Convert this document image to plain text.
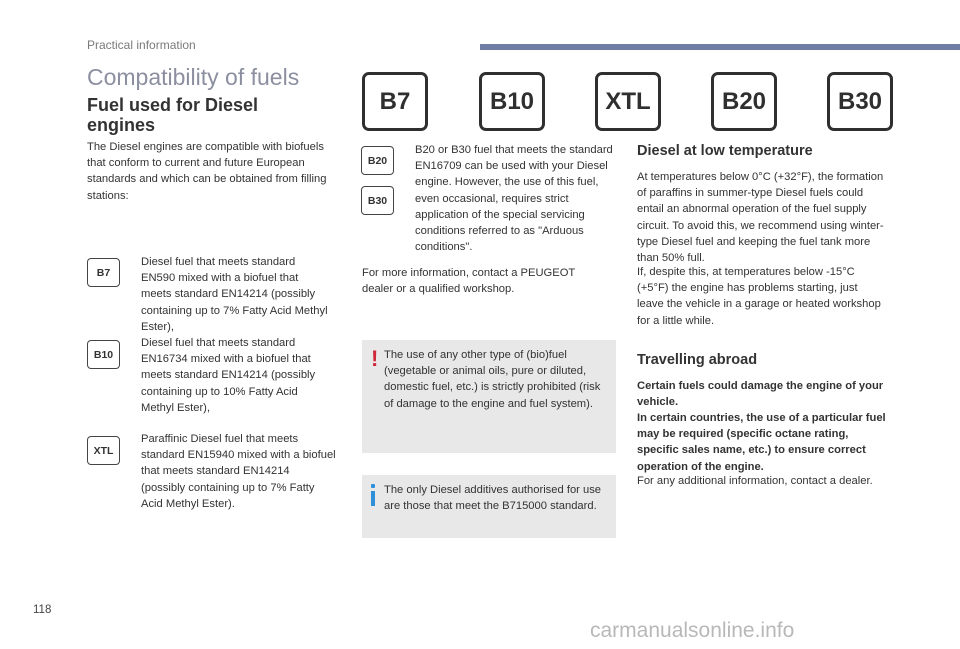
Practical information
Compatibility of fuels
B7	B10	XTL	B20	B30
Fuel used for Diesel engines
The Diesel engines are compatible with biofuels that conform to current and future European standards and which can be obtained from filling stations:
B7
Diesel fuel that meets standard EN590 mixed with a biofuel that meets standard EN14214 (possibly containing up to 7% Fatty Acid Methyl Ester),
B10
Diesel fuel that meets standard EN16734 mixed with a biofuel that meets standard EN14214 (possibly containing up to 10% Fatty Acid Methyl Ester),
XTL
Paraffinic Diesel fuel that meets standard EN15940 mixed with a biofuel that meets standard EN14214 (possibly containing up to 7% Fatty Acid Methyl Ester).
B20
B30
B20 or B30 fuel that meets the standard EN16709 can be used with your Diesel engine. However, the use of this fuel, even occasional, requires strict application of the special servicing conditions referred to as "Arduous conditions".
For more information, contact a PEUGEOT dealer or a qualified workshop.
! The use of any other type of (bio)fuel (vegetable or animal oils, pure or diluted, domestic fuel, etc.) is strictly prohibited (risk of damage to the engine and fuel system).
The only Diesel additives authorised for use are those that meet the B715000 standard.
Diesel at low temperature
At temperatures below 0°C (+32°F), the formation of paraffins in summer-type Diesel fuels could entail an abnormal operation of the fuel supply circuit. To avoid this, we recommend using winter-type Diesel fuel and keeping the fuel tank more than 50% full.
If, despite this, at temperatures below -15°C (+5°F) the engine has problems starting, just leave the vehicle in a garage or heated workshop for a little while.
Travelling abroad
Certain fuels could damage the engine of your vehicle.
In certain countries, the use of a particular fuel may be required (specific octane rating, specific sales name, etc.) to ensure correct operation of the engine.
For any additional information, contact a dealer.
118
carmanualsonline.info
